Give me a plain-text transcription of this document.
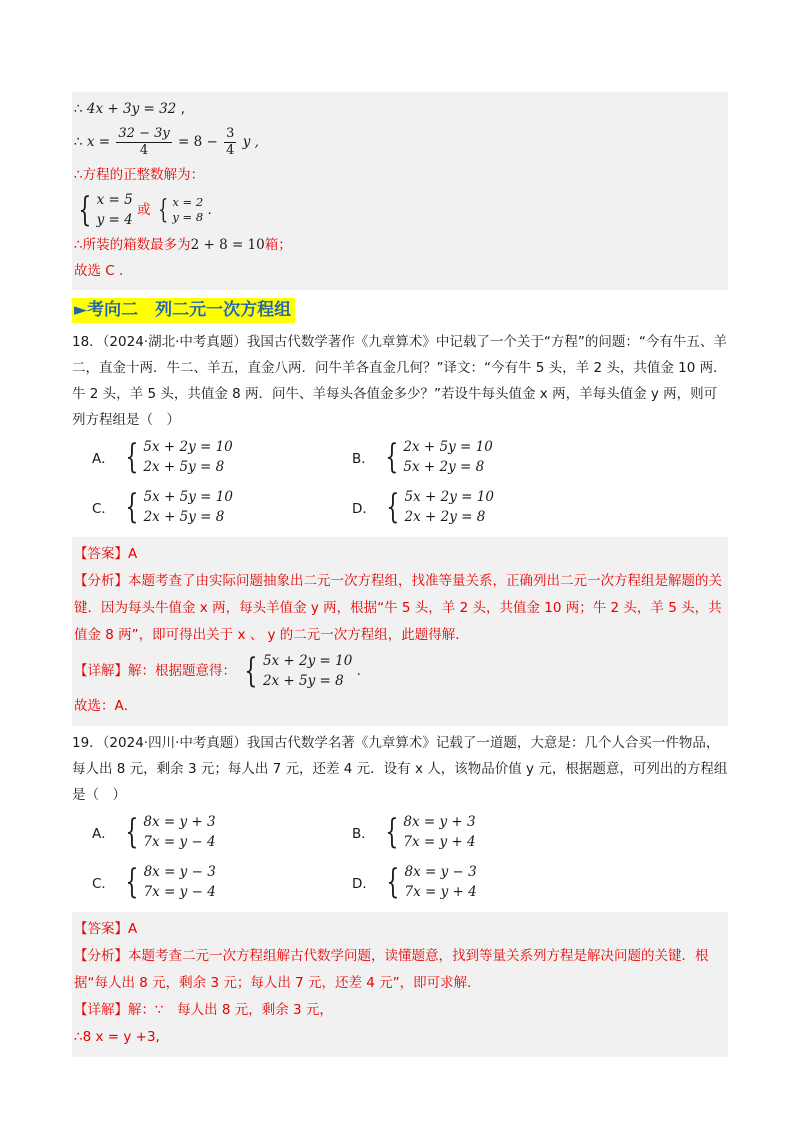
∴ 4x + 3y = 32 ,
∴ $x = \frac{32 - 3y}{4} = 8 - \frac{3}{4}$ y ,
∴方程的正整数解为：
{ x = 5
y = 4
或 { x = 2
y = 8 .
∴所装的箱数最多为2 + 8 = 10箱；
故选 C .
►考向二　列二元一次方程组
18．（2024·湖北·中考真题）我国古代数学著作《九章算术》中记载了一个关于“方程”的问题：“今有牛五、羊二，直金十两．牛二、羊五，直金八两．问牛羊各直金几何？”译文：“今有牛 5 头，羊 2 头，共值金 10 两．牛 2 头，羊 5 头，共值金 8 两．问牛、羊每头各值金多少？”若设牛每头值金 x 两，羊每头值金 y 两，则可列方程组是（　）
A． { 5x + 2y = 10
2x + 5y = 8	B． { 2x + 5y = 10
5x + 2y = 8
C． { 5x + 5y = 10
2x + 5y = 8	D． { 5x + 2y = 10
2x + 2y = 8
【答案】A
【分析】本题考查了由实际问题抽象出二元一次方程组，找准等量关系，正确列出二元一次方程组是解题的关键．因为每头牛值金 x 两，每头羊值金 y 两，根据“牛 5 头，羊 2 头，共值金 10 两；牛 2 头，羊 5 头，共值金 8 两”，即可得出关于 x 、 y 的二元一次方程组，此题得解．
【详解】解：根据题意得： { 5x + 2y = 10
2x + 5y = 8
.
故选：A．
19．（2024·四川·中考真题）我国古代数学名著《九章算术》记载了一道题，大意是：几个人合买一件物品，每人出 8 元，剩余 3 元；每人出 7 元，还差 4 元．设有 x 人，该物品价值 y 元，根据题意，可列出的方程组是（　）
A． { 8x = y + 3
7x = y − 4	B． { 8x = y + 3
7x = y + 4
C． { 8x = y − 3
7x = y − 4	D． { 8x = y − 3
7x = y + 4
【答案】A
【分析】本题考查二元一次方程组解古代数学问题，读懂题意，找到等量关系列方程是解决问题的关键．根据“每人出 8 元，剩余 3 元；每人出 7 元，还差 4 元”，即可求解．
【详解】解：∵　每人出 8 元，剩余 3 元，
∴8 x = y +3,
